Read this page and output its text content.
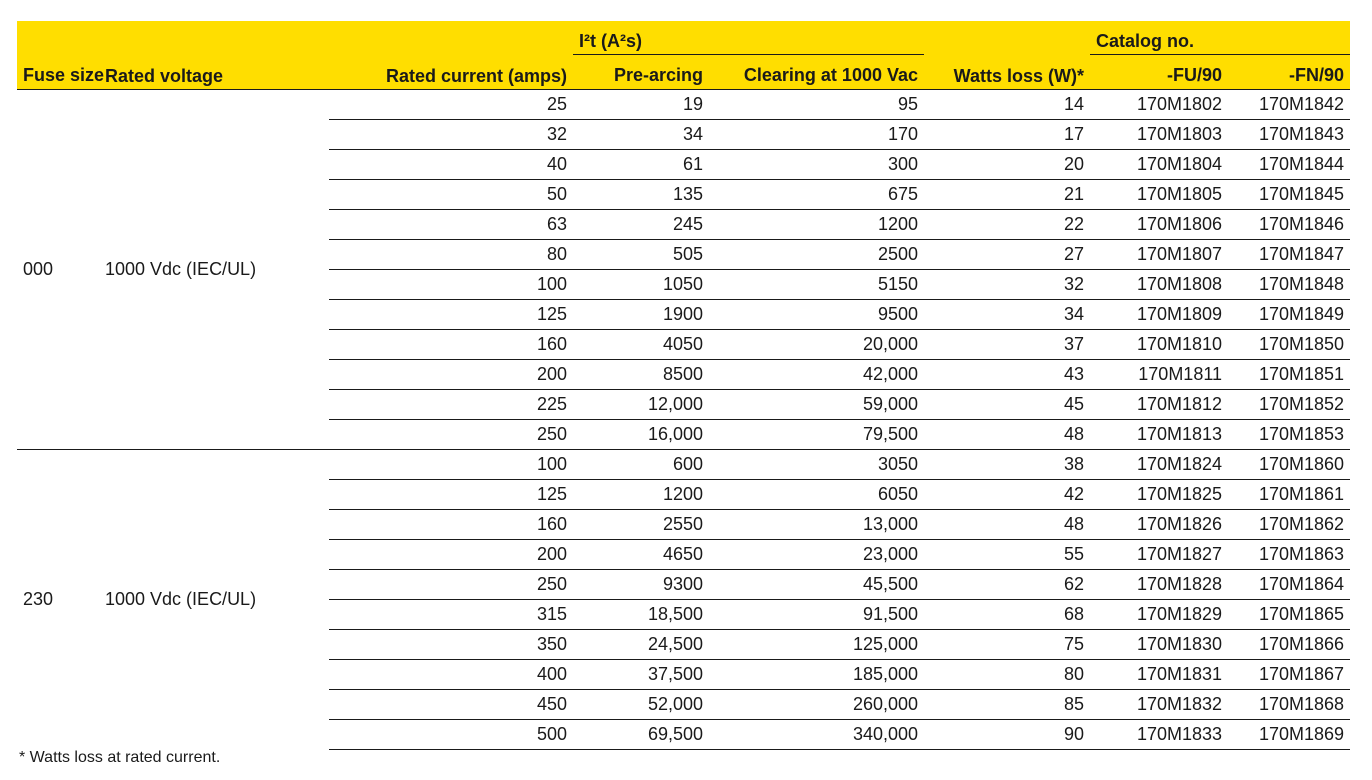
Fuse size	Rated voltage	Rated current (amps)	I²t (A²s)		Watts loss (W)*	Catalog no.	
			Pre-arcing	Clearing at 1000 Vac		-FU/90	-FN/90
000	1000 Vdc (IEC/UL)	25	19	95	14	170M1802	170M1842
		32	34	170	17	170M1803	170M1843
		40	61	300	20	170M1804	170M1844
		50	135	675	21	170M1805	170M1845
		63	245	1200	22	170M1806	170M1846
		80	505	2500	27	170M1807	170M1847
		100	1050	5150	32	170M1808	170M1848
		125	1900	9500	34	170M1809	170M1849
		160	4050	20,000	37	170M1810	170M1850
		200	8500	42,000	43	170M1811	170M1851
		225	12,000	59,000	45	170M1812	170M1852
		250	16,000	79,500	48	170M1813	170M1853
230	1000 Vdc (IEC/UL)	100	600	3050	38	170M1824	170M1860
		125	1200	6050	42	170M1825	170M1861
		160	2550	13,000	48	170M1826	170M1862
		200	4650	23,000	55	170M1827	170M1863
		250	9300	45,500	62	170M1828	170M1864
		315	18,500	91,500	68	170M1829	170M1865
		350	24,500	125,000	75	170M1830	170M1866
		400	37,500	185,000	80	170M1831	170M1867
		450	52,000	260,000	85	170M1832	170M1868
		500	69,500	340,000	90	170M1833	170M1869
* Watts loss at rated current.
